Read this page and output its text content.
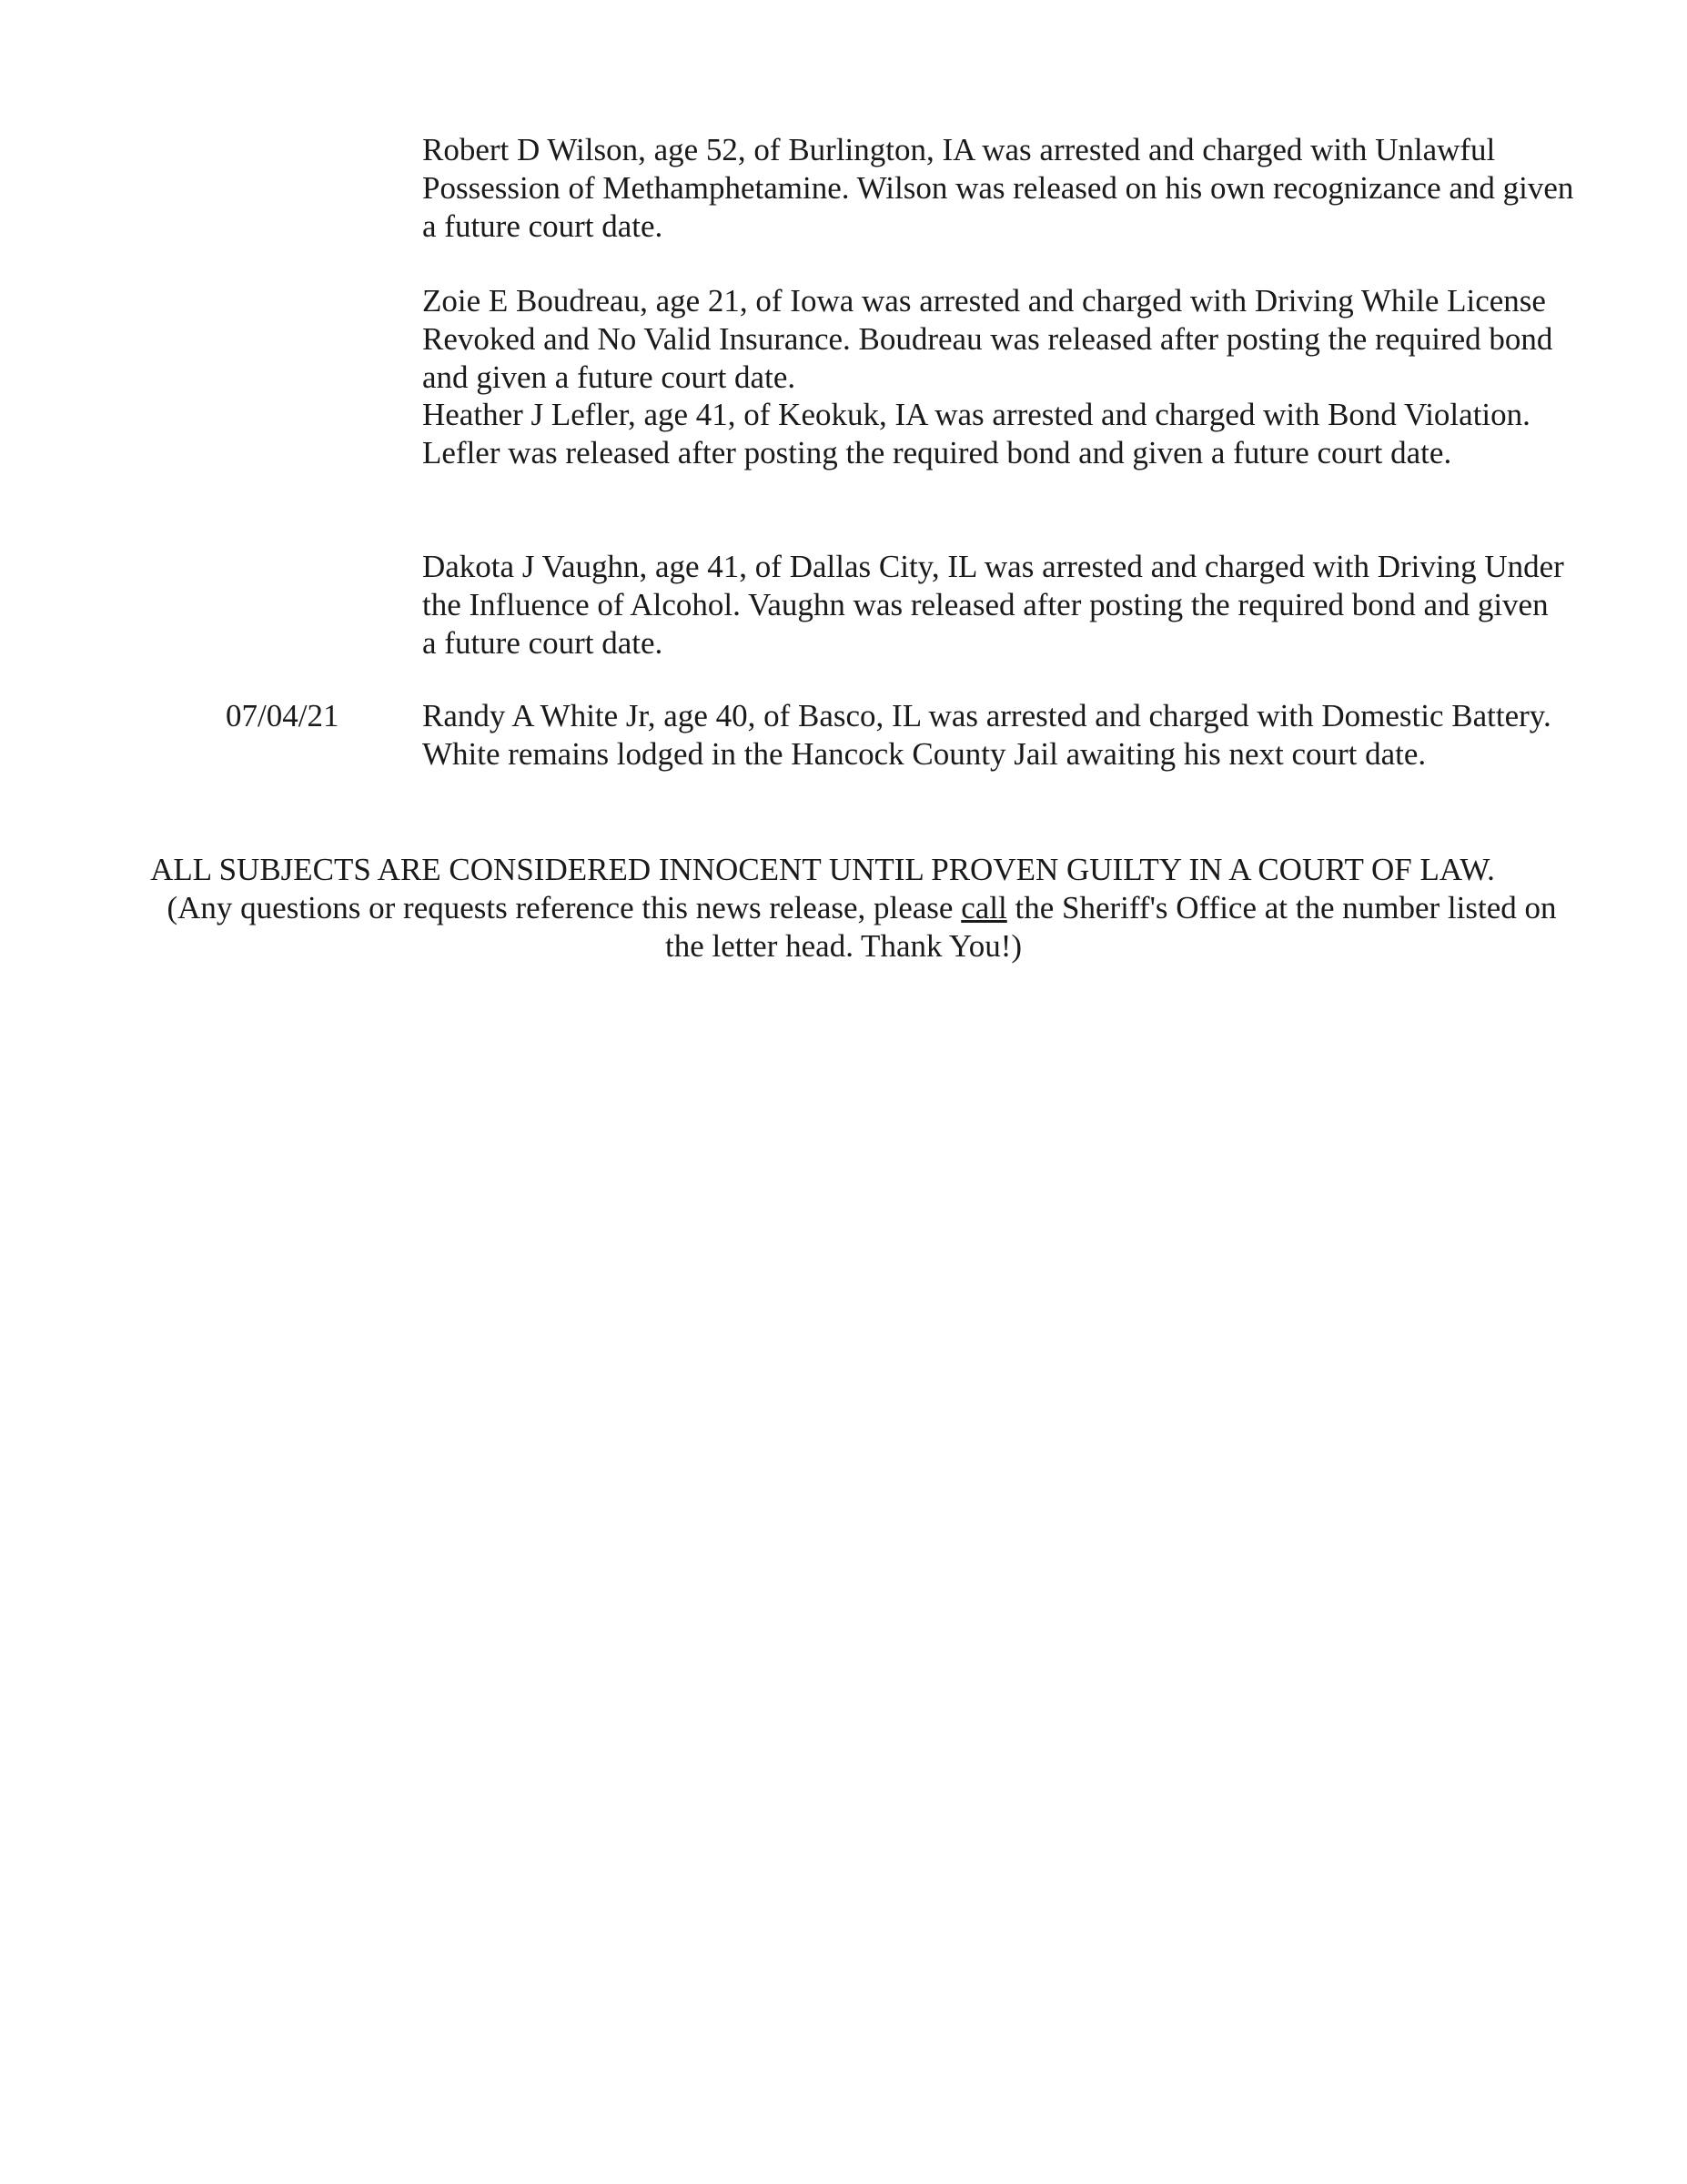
Robert D Wilson, age 52, of Burlington, IA was arrested and charged with Unlawful
Possession of Methamphetamine. Wilson was released on his own recognizance and given
a future court date.
Zoie E Boudreau, age 21, of Iowa was arrested and charged with Driving While License
Revoked and No Valid Insurance. Boudreau was released after posting the required bond
and given a future court date.
Heather J Lefler, age 41, of Keokuk, IA was arrested and charged with Bond Violation.
Lefler was released after posting the required bond and given a future court date.
Dakota J Vaughn, age 41, of Dallas City, IL was arrested and charged with Driving Under
the Influence of Alcohol. Vaughn was released after posting the required bond and given
a future court date.
07/04/21	Randy A White Jr, age 40, of Basco, IL was arrested and charged with Domestic Battery.
White remains lodged in the Hancock County Jail awaiting his next court date.
ALL SUBJECTS ARE CONSIDERED INNOCENT UNTIL PROVEN GUILTY IN A COURT OF LAW.
(Any questions or requests reference this news release, please call the Sheriff's Office at the number listed on
the letter head. Thank You!)
